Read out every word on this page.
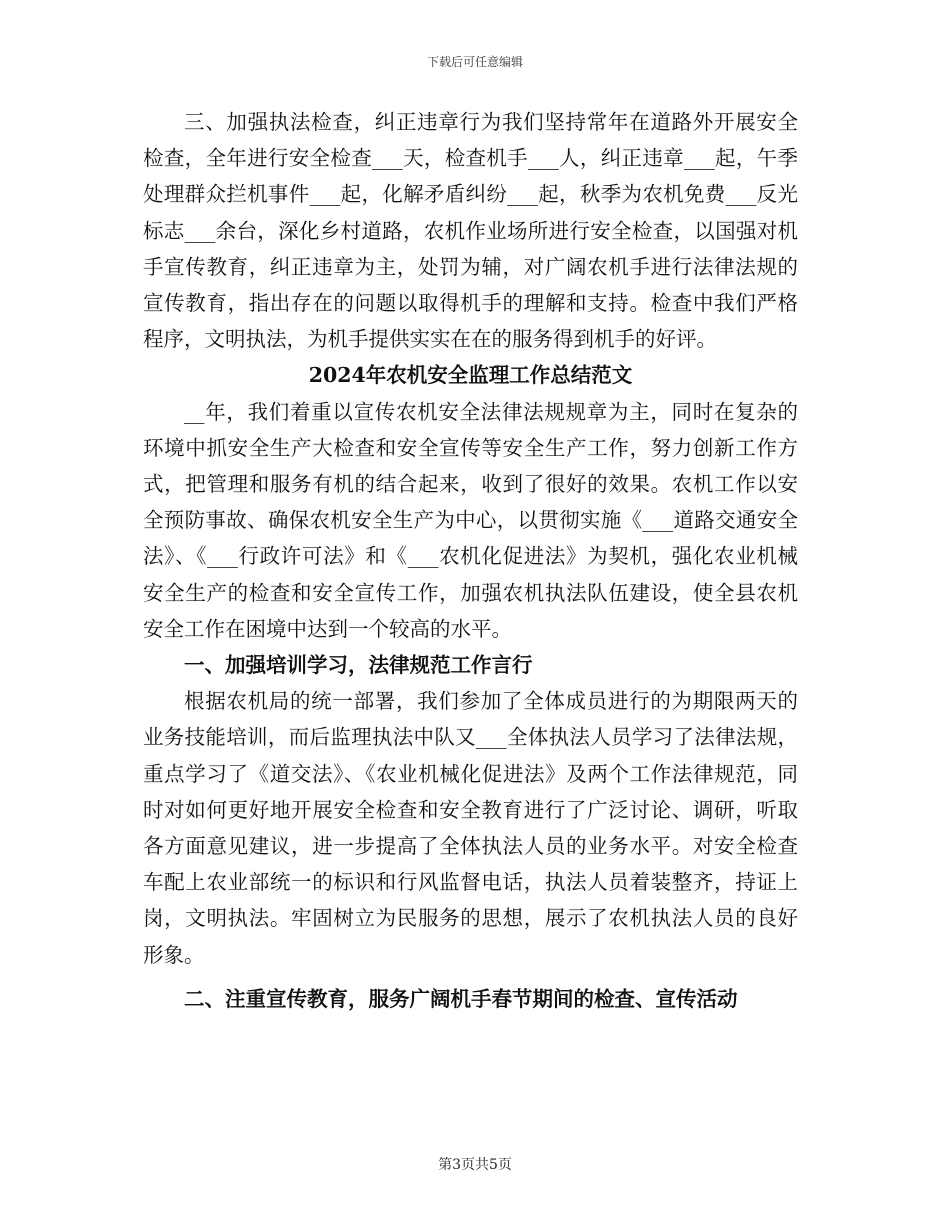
下载后可任意编辑

三、加强执法检查，纠正违章行为我们坚持常年在道路外开展安全检查，全年进行安全检查___天，检查机手___人，纠正违章___起，午季处理群众拦机事件___起，化解矛盾纠纷___起，秋季为农机免费___反光标志___余台，深化乡村道路，农机作业场所进行安全检查，以国强对机手宣传教育，纠正违章为主，处罚为辅，对广阔农机手进行法律法规的宣传教育，指出存在的问题以取得机手的理解和支持。检查中我们严格程序，文明执法，为机手提供实实在在的服务得到机手的好评。

2024年农机安全监理工作总结范文

__年，我们着重以宣传农机安全法律法规规章为主，同时在复杂的环境中抓安全生产大检查和安全宣传等安全生产工作，努力创新工作方式，把管理和服务有机的结合起来，收到了很好的效果。农机工作以安全预防事故、确保农机安全生产为中心，以贯彻实施《___道路交通安全法》、《___行政许可法》和《___农机化促进法》为契机，强化农业机械安全生产的检查和安全宣传工作，加强农机执法队伍建设，使全县农机安全工作在困境中达到一个较高的水平。

一、加强培训学习，法律规范工作言行

根据农机局的统一部署，我们参加了全体成员进行的为期限两天的业务技能培训，而后监理执法中队又___全体执法人员学习了法律法规，重点学习了《道交法》、《农业机械化促进法》及两个工作法律规范，同时对如何更好地开展安全检查和安全教育进行了广泛讨论、调研，听取各方面意见建议，进一步提高了全体执法人员的业务水平。对安全检查车配上农业部统一的标识和行风监督电话，执法人员着装整齐，持证上岗，文明执法。牢固树立为民服务的思想，展示了农机执法人员的良好形象。

二、注重宣传教育，服务广阔机手春节期间的检查、宣传活动

第3页共5页
